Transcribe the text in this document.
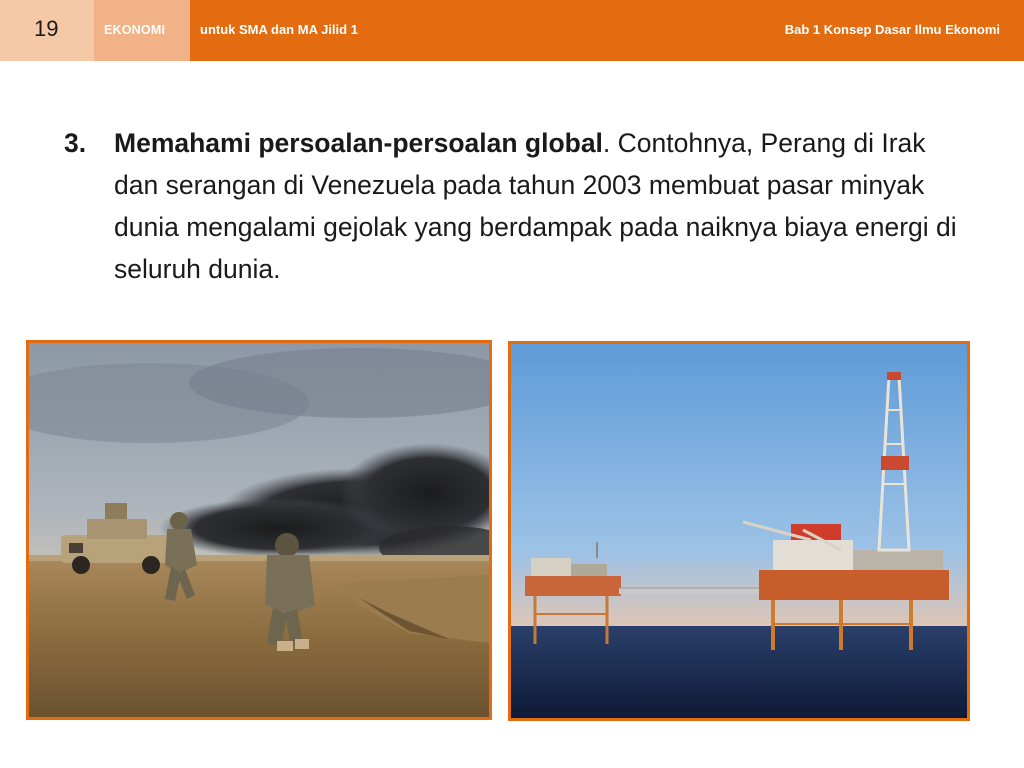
19	EKONOMI	untuk SMA dan MA Jilid 1	Bab 1 Konsep Dasar Ilmu Ekonomi
3. Memahami persoalan-persoalan global. Contohnya, Perang di Irak dan serangan di Venezuela pada tahun 2003 membuat pasar minyak dunia mengalami gejolak yang berdampak pada naiknya biaya energi di seluruh dunia.
